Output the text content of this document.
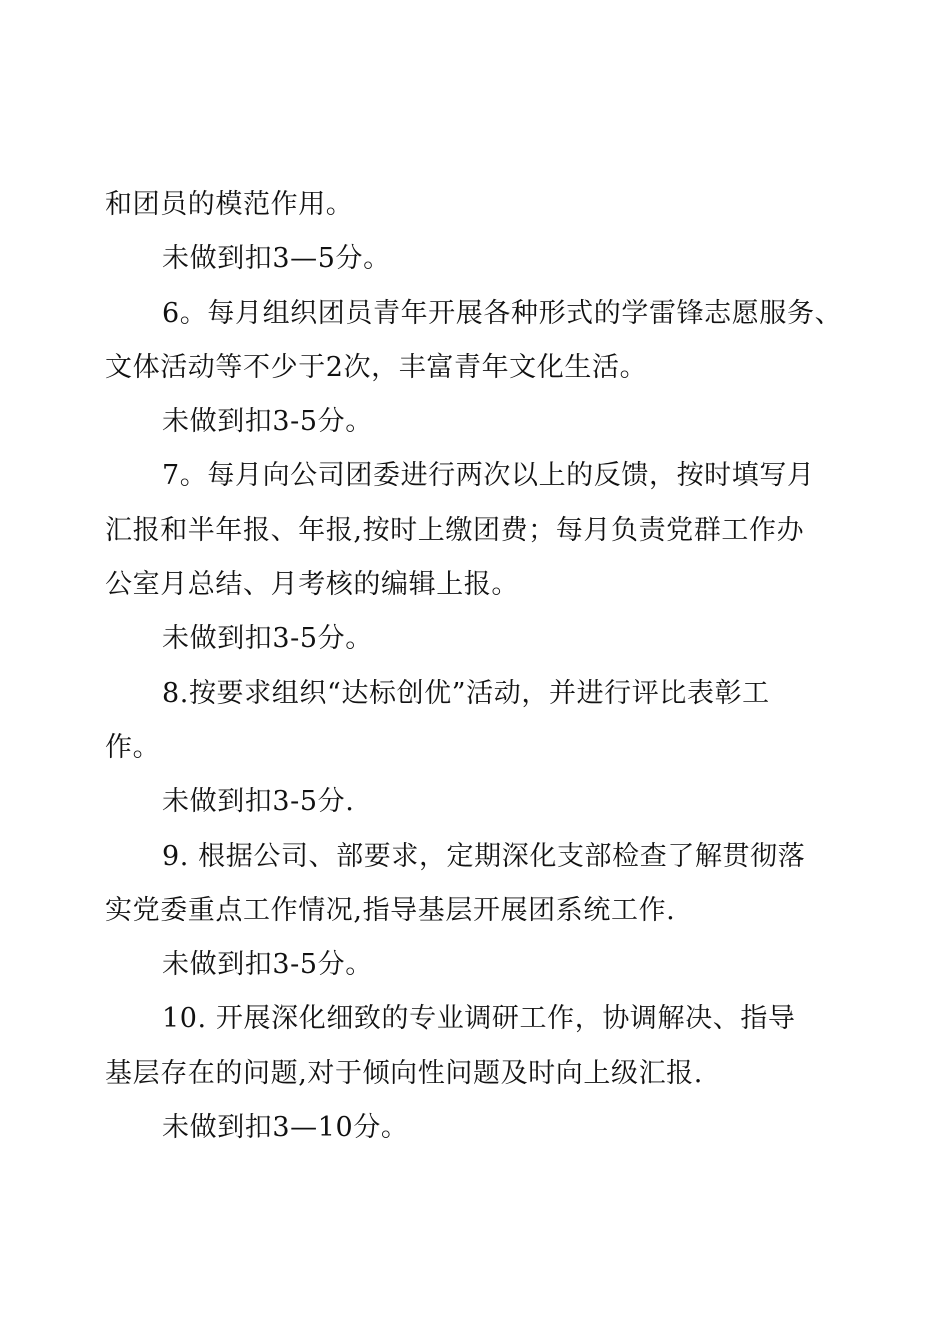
和团员的模范作用。
未做到扣3—5分。
6。每月组织团员青年开展各种形式的学雷锋志愿服务、
文体活动等不少于2次，丰富青年文化生活。
未做到扣3-5分。
7。每月向公司团委进行两次以上的反馈，按时填写月
汇报和半年报、年报,按时上缴团费；每月负责党群工作办
公室月总结、月考核的编辑上报。
未做到扣3-5分。
8.按要求组织“达标创优”活动，并进行评比表彰工
作。
未做到扣3-5分.
9. 根据公司、部要求，定期深化支部检查了解贯彻落
实党委重点工作情况,指导基层开展团系统工作.
未做到扣3-5分。
10. 开展深化细致的专业调研工作，协调解决、指导
基层存在的问题,对于倾向性问题及时向上级汇报.
未做到扣3—10分。
